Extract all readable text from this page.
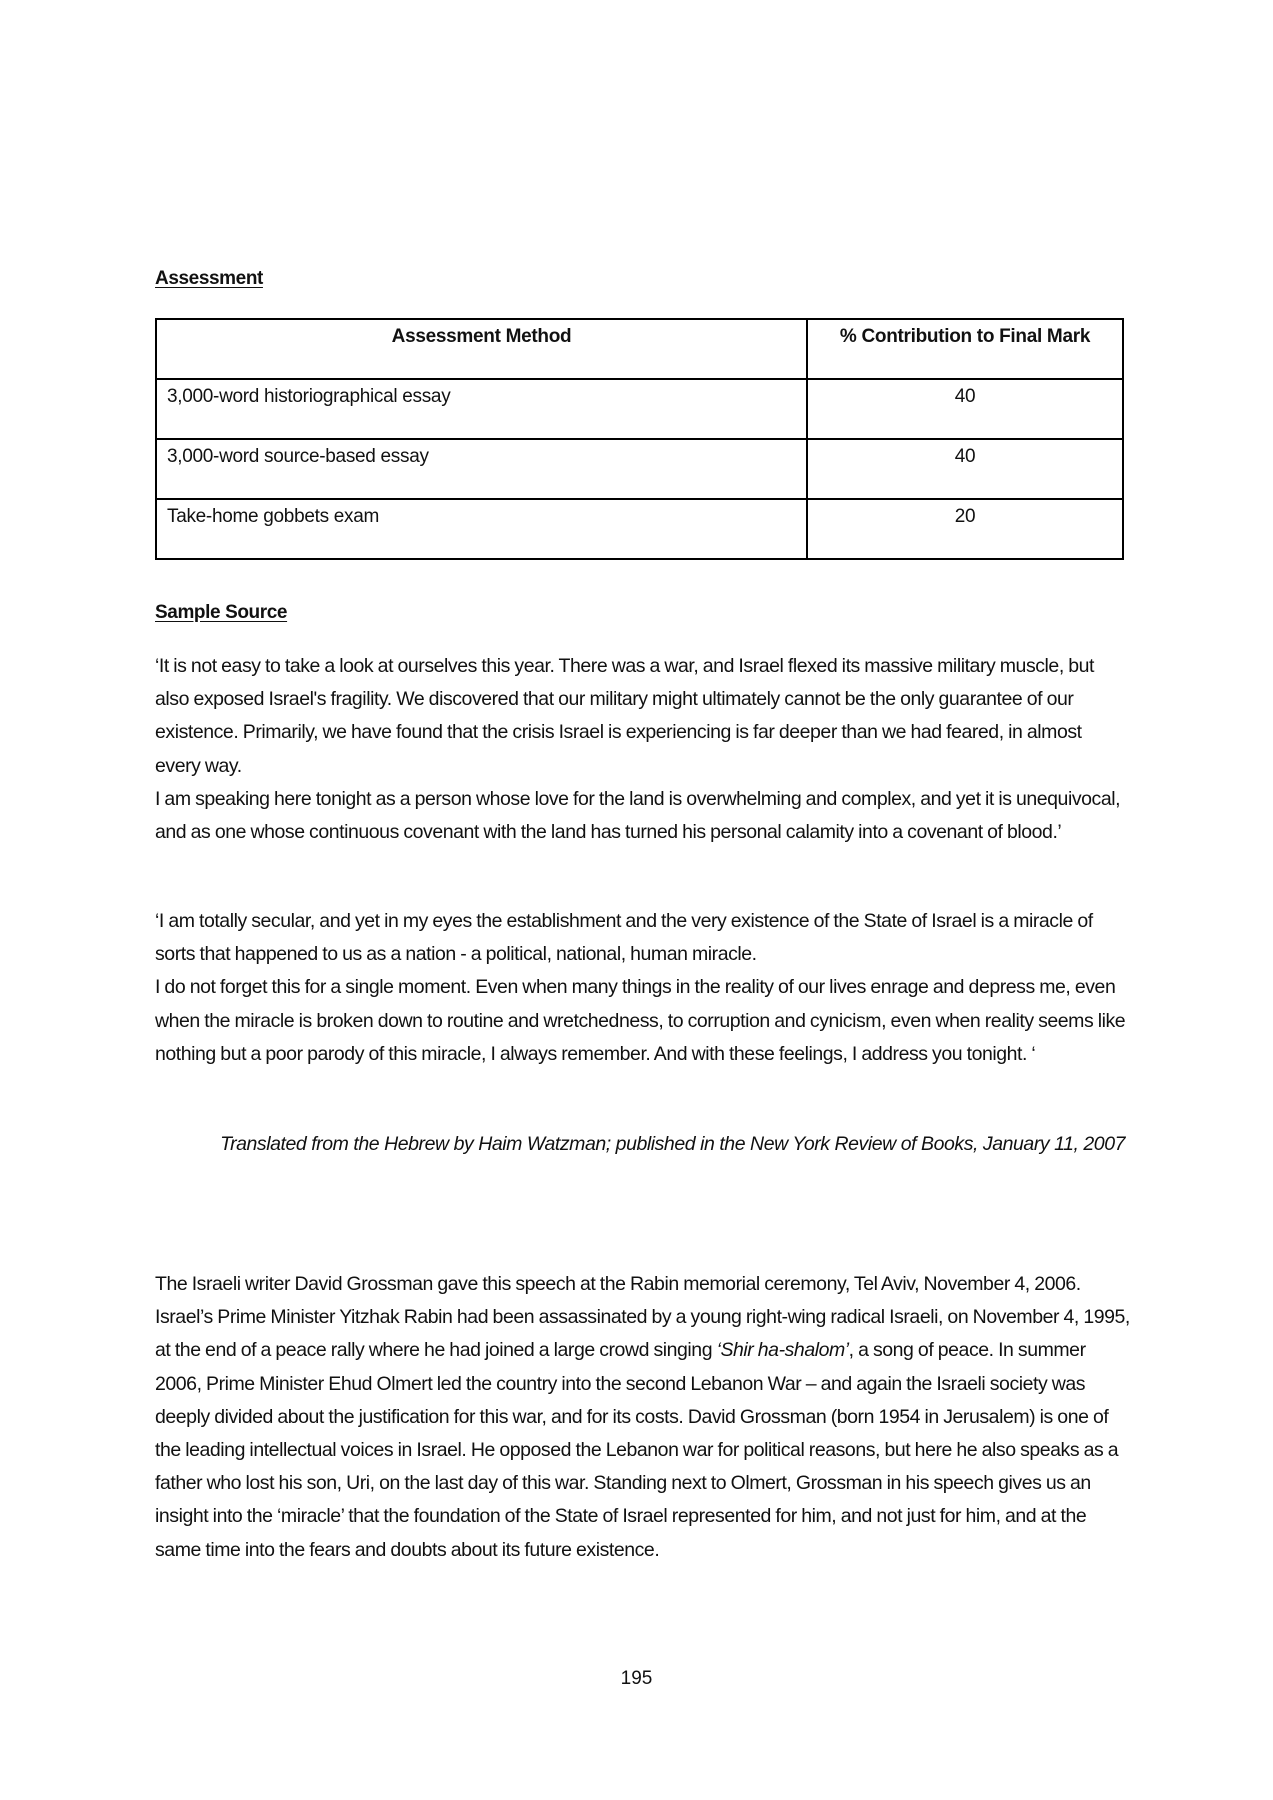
Assessment
Assessment Method	% Contribution to Final Mark
3,000-word historiographical essay	40
3,000-word source-based essay	40
Take-home gobbets exam	20
Sample Source

‘It is not easy to take a look at ourselves this year. There was a war, and Israel flexed its massive military muscle, but also exposed Israel's fragility. We discovered that our military might ultimately cannot be the only guarantee of our existence. Primarily, we have found that the crisis Israel is experiencing is far deeper than we had feared, in almost every way.

I am speaking here tonight as a person whose love for the land is overwhelming and complex, and yet it is unequivocal, and as one whose continuous covenant with the land has turned his personal calamity into a covenant of blood.’

‘I am totally secular, and yet in my eyes the establishment and the very existence of the State of Israel is a miracle of sorts that happened to us as a nation - a political, national, human miracle.

I do not forget this for a single moment. Even when many things in the reality of our lives enrage and depress me, even when the miracle is broken down to routine and wretchedness, to corruption and cynicism, even when reality seems like nothing but a poor parody of this miracle, I always remember. And with these feelings, I address you tonight. ‘

Translated from the Hebrew by Haim Watzman; published in the New York Review of Books, January 11, 2007

The Israeli writer David Grossman gave this speech at the Rabin memorial ceremony, Tel Aviv, November 4, 2006. Israel’s Prime Minister Yitzhak Rabin had been assassinated by a young right-wing radical Israeli, on November 4, 1995, at the end of a peace rally where he had joined a large crowd singing ‘Shir ha-shalom’, a song of peace. In summer 2006, Prime Minister Ehud Olmert led the country into the second Lebanon War – and again the Israeli society was deeply divided about the justification for this war, and for its costs. David Grossman (born 1954 in Jerusalem) is one of the leading intellectual voices in Israel. He opposed the Lebanon war for political reasons, but here he also speaks as a father who lost his son, Uri, on the last day of this war. Standing next to Olmert, Grossman in his speech gives us an insight into the ‘miracle’ that the foundation of the State of Israel represented for him, and not just for him, and at the same time into the fears and doubts about its future existence.

195
